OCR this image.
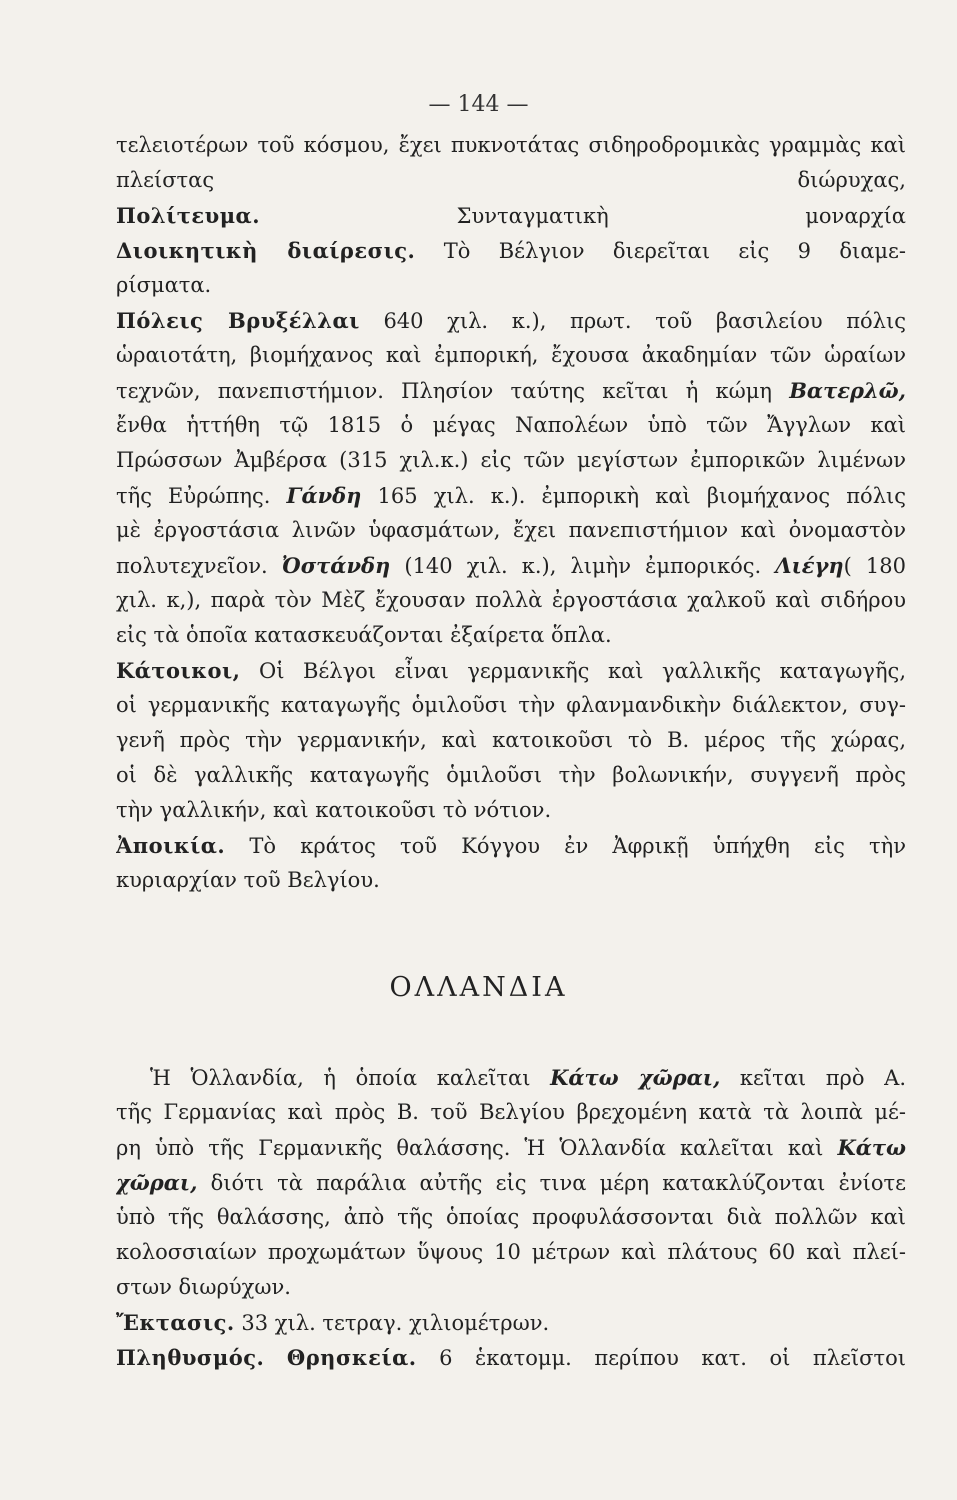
— 144 —
τελειοτέρων τοῦ κόσμου, ἔχει πυκνοτάτας σιδηροδρομικὰς γραμμὰς καὶ
πλείστας διώρυχας,
Πολίτευμα. Συνταγματικὴ μοναρχία
Διοικητικὴ διαίρεσις. Τὸ Βέλγιον διερεῖται εἰς 9 διαμε-
ρίσματα.
Πόλεις Βρυξέλλαι 640 χιλ. κ.), πρωτ. τοῦ βασιλείου πόλις
ὡραιοτάτη, βιομήχανος καὶ ἐμπορική, ἔχουσα ἀκαδημίαν τῶν ὡραίων
τεχνῶν, πανεπιστήμιον. Πλησίον ταύτης κεῖται ἡ κώμη Βατερλῶ,
ἔνθα ἡττήθη τῷ 1815 ὁ μέγας Ναπολέων ὑπὸ τῶν Ἄγγλων καὶ
Πρώσσων Ἀμβέρσα (315 χιλ.κ.) εἰς τῶν μεγίστων ἐμπορικῶν λιμένων
τῆς Εὐρώπης. Γάνδη 165 χιλ. κ.). ἐμπορικὴ καὶ βιομήχανος πόλις
μὲ ἐργοστάσια λινῶν ὑφασμάτων, ἔχει πανεπιστήμιον καὶ ὀνομαστὸν
πολυτεχνεῖον. Ὀστάνδη (140 χιλ. κ.), λιμὴν ἐμπορικός. Λιέγη( 180
χιλ. κ,), παρὰ τὸν Μὲζ ἔχουσαν πολλὰ ἐργοστάσια χαλκοῦ καὶ σιδήρου
εἰς τὰ ὁποῖα κατασκευάζονται ἐξαίρετα ὅπλα.
Κάτοικοι, Οἱ Βέλγοι εἶναι γερμανικῆς καὶ γαλλικῆς καταγωγῆς,
οἱ γερμανικῆς καταγωγῆς ὁμιλοῦσι τὴν φλανμανδικὴν διάλεκτον, συγ-
γενῆ πρὸς τὴν γερμανικήν, καὶ κατοικοῦσι τὸ Β. μέρος τῆς χώρας,
οἱ δὲ γαλλικῆς καταγωγῆς ὁμιλοῦσι τὴν βολωνικήν, συγγενῆ πρὸς
τὴν γαλλικήν, καὶ κατοικοῦσι τὸ νότιον.
Ἀποικία. Τὸ κράτος τοῦ Κόγγου ἐν Ἀφρικῇ ὑπήχθη εἰς τὴν
κυριαρχίαν τοῦ Βελγίου.
ΟΛΛΑΝΔΙΑ
Ἡ Ὁλλανδία, ἡ ὁποία καλεῖται Κάτω χῶραι, κεῖται πρὸ Α.
τῆς Γερμανίας καὶ πρὸς Β. τοῦ Βελγίου βρεχομένη κατὰ τὰ λοιπὰ μέ-
ρη ὑπὸ τῆς Γερμανικῆς θαλάσσης. Ἡ Ὁλλανδία καλεῖται καὶ Κάτω
χῶραι, διότι τὰ παράλια αὐτῆς εἰς τινα μέρη κατακλύζονται ἐνίοτε
ὑπὸ τῆς θαλάσσης, ἀπὸ τῆς ὁποίας προφυλάσσονται διὰ πολλῶν καὶ
κολοσσιαίων προχωμάτων ὕψους 10 μέτρων καὶ πλάτους 60 καὶ πλεί-
στων διωρύχων.
Ἔκτασις. 33 χιλ. τετραγ. χιλιομέτρων.
Πληθυσμός. Θρησκεία. 6 ἑκατομμ. περίπου κατ. οἱ πλεῖστοι
